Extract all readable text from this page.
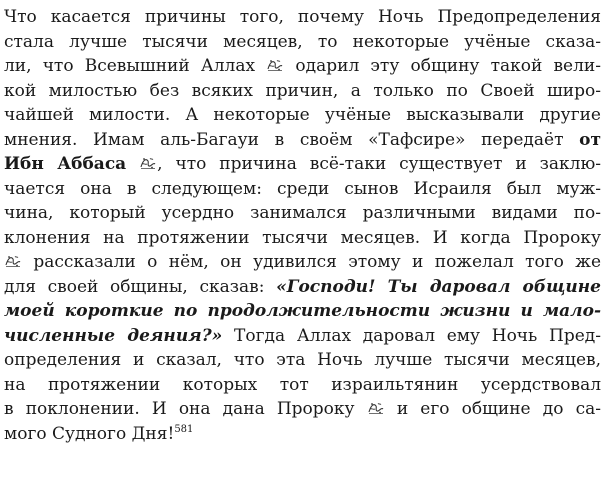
Что касается причины того, почему Ночь Предопределения
стала лучше тысячи месяцев, то некоторые учёные сказа-
ли, что Всевышний Аллах
одарил эту общину такой вели-
кой милостью без всяких причин, а только по Своей широ-
чайшей милости. А некоторые учёные высказывали другие
мнения. Имам аль-Багауи в своём «Тафсире» передаёт от
Ибн Аббаса , что причина всё-таки существует и заклю-
чается она в следующем: среди сынов Исраиля был муж-
чина, который усердно занимался различными видами по-
клонения на протяжении тысячи месяцев. И когда Пророку
рассказали о нём, он удивился этому и пожелал того же
для своей общины, сказав: «Господи! Ты даровал общине
моей короткие по продолжительности жизни и мало-
численные деяния?» Тогда Аллах даровал ему Ночь Пред-
определения и сказал, что эта Ночь лучше тысячи месяцев,
на протяжении которых тот израильтянин усердствовал
в поклонении. И она дана Пророку
и его общине до са-
мого Судного Дня!$^{581}$
